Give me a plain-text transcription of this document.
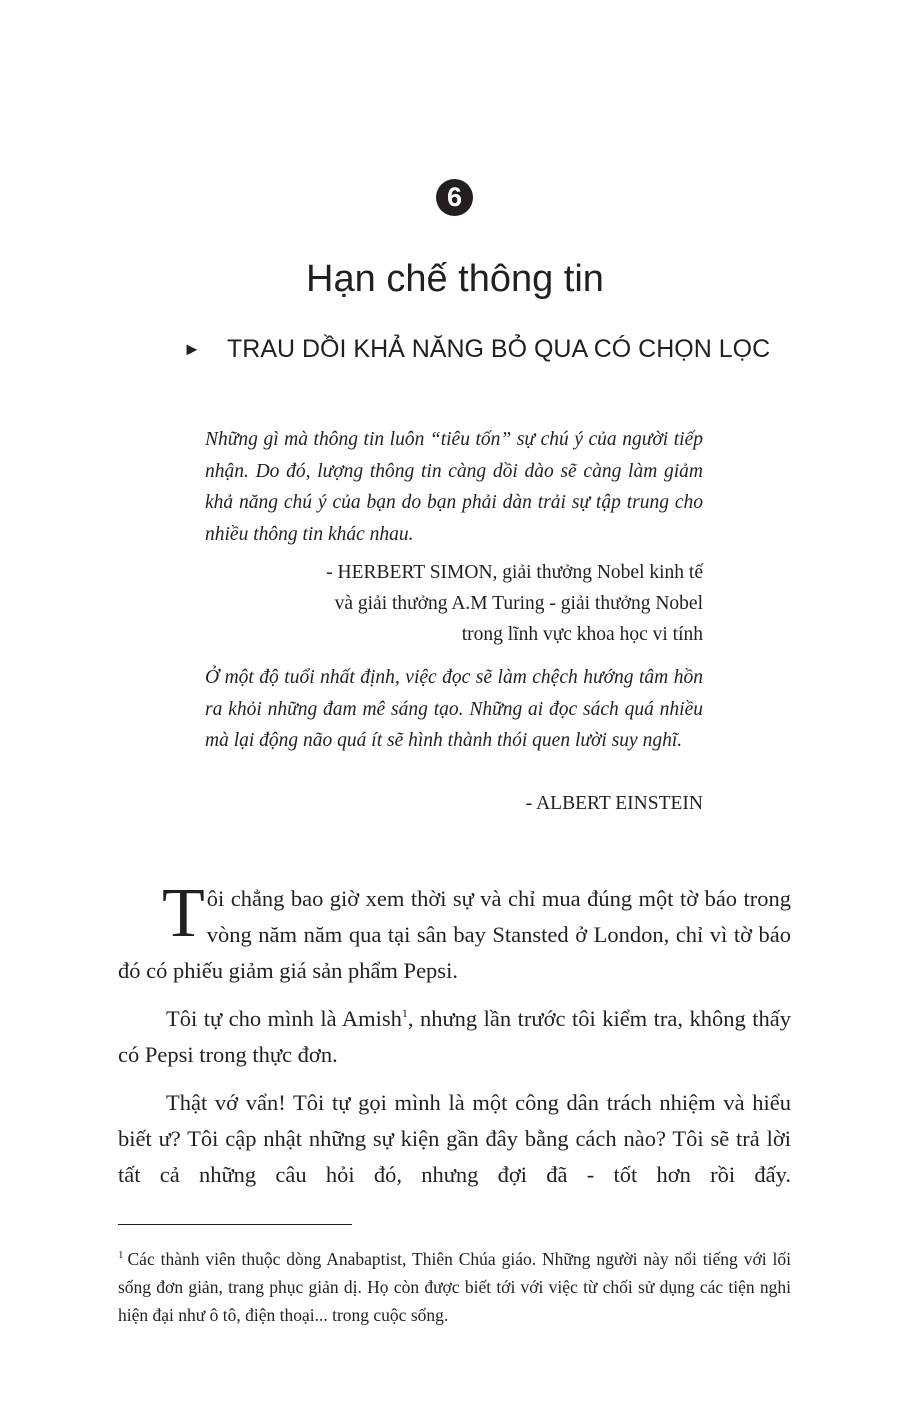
6
Hạn chế thông tin
► TRAU DỒI KHẢ NĂNG BỎ QUA CÓ CHỌN LỌC
Những gì mà thông tin luôn “tiêu tốn” sự chú ý của người tiếp nhận. Do đó, lượng thông tin càng dồi dào sẽ càng làm giảm khả năng chú ý của bạn do bạn phải dàn trải sự tập trung cho nhiều thông tin khác nhau.
- HERBERT SIMON, giải thưởng Nobel kinh tế
và giải thưởng A.M Turing - giải thưởng Nobel
trong lĩnh vực khoa học vi tính
Ở một độ tuổi nhất định, việc đọc sẽ làm chệch hướng tâm hồn ra khỏi những đam mê sáng tạo. Những ai đọc sách quá nhiều mà lại động não quá ít sẽ hình thành thói quen lười suy nghĩ.
- ALBERT EINSTEIN
Tôi chẳng bao giờ xem thời sự và chỉ mua đúng một tờ báo trong vòng năm năm qua tại sân bay Stansted ở London, chỉ vì tờ báo đó có phiếu giảm giá sản phẩm Pepsi.
Tôi tự cho mình là Amish$^1$, nhưng lần trước tôi kiểm tra, không thấy có Pepsi trong thực đơn.
Thật vớ vẩn! Tôi tự gọi mình là một công dân trách nhiệm và hiểu biết ư? Tôi cập nhật những sự kiện gần đây bằng cách nào? Tôi sẽ trả lời tất cả những câu hỏi đó, nhưng đợi đã - tốt hơn rồi đấy.
$^1$ Các thành viên thuộc dòng Anabaptist, Thiên Chúa giáo. Những người này nổi tiếng với lối sống đơn giản, trang phục giản dị. Họ còn được biết tới với việc từ chối sử dụng các tiện nghi hiện đại như ô tô, điện thoại... trong cuộc sống.
